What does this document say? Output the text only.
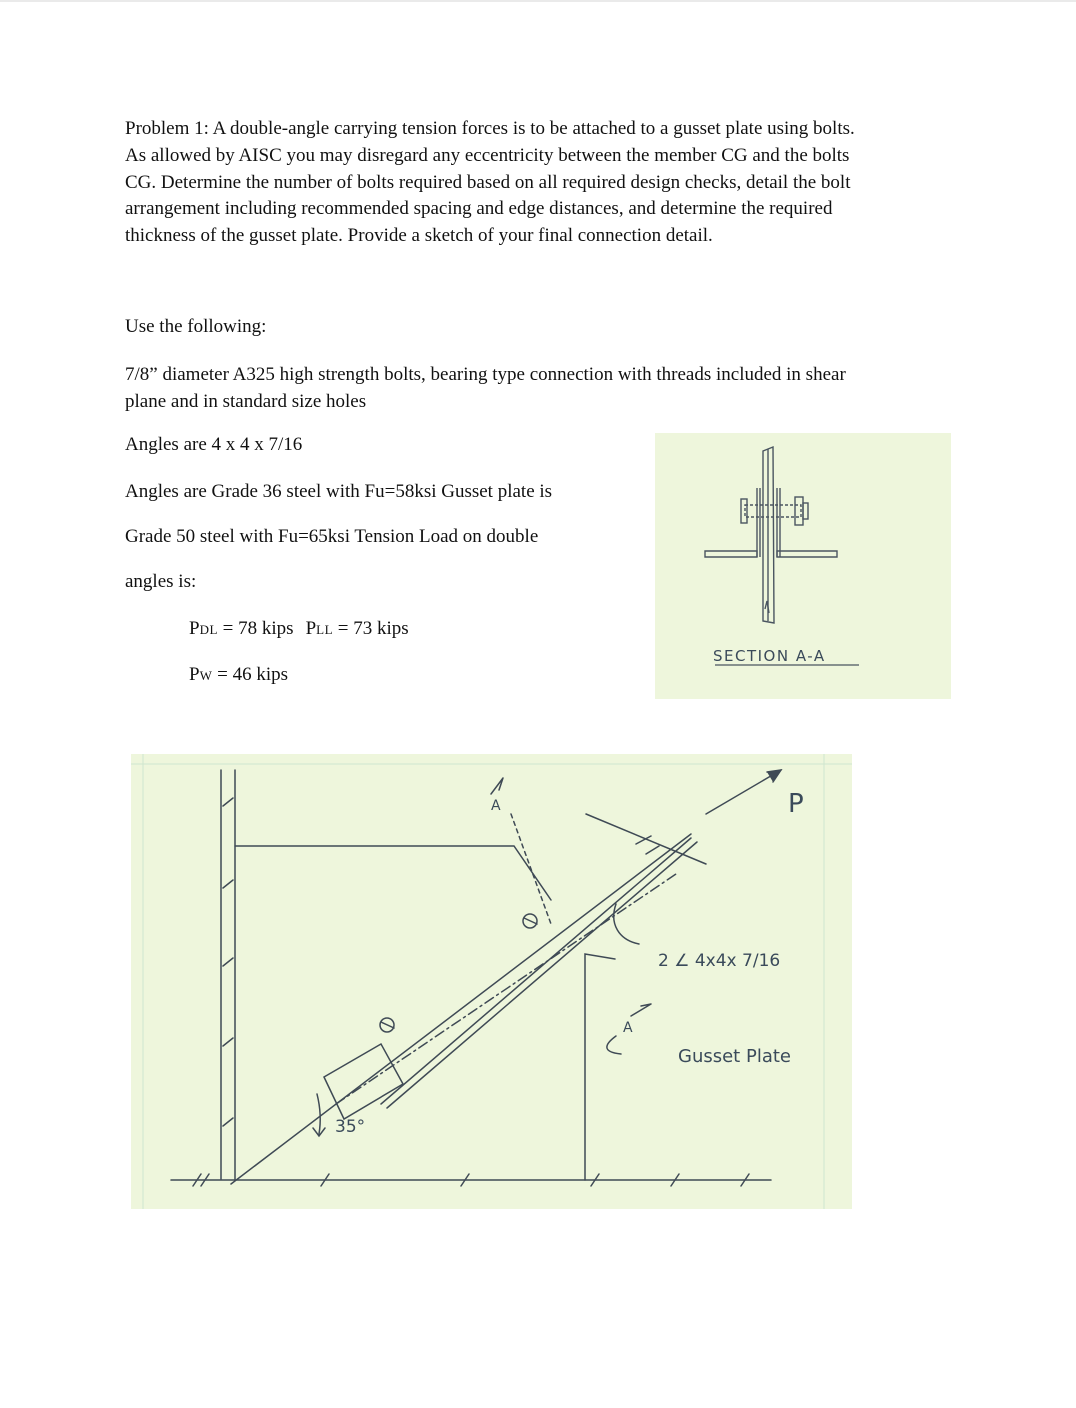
Problem 1: A double-angle carrying tension forces is to be attached to a gusset plate using bolts.
As allowed by AISC you may disregard any eccentricity between the member CG and the bolts
CG. Determine the number of bolts required based on all required design checks, detail the bolt
arrangement including recommended spacing and edge distances, and determine the required
thickness of the gusset plate. Provide a sketch of your final connection detail.
Use the following:
7/8” diameter A325 high strength bolts, bearing type connection with threads included in shear
plane and in standard size holes
Angles are 4 x 4 x 7/16
Angles are Grade 36 steel with Fu=58ksi Gusset plate is
Grade 50 steel with Fu=65ksi Tension Load on double
angles is:
PDL = 78 kips PLL = 73 kips
PW = 46 kips
SECTION A-A
P
35°
2 ∠ 4x4x 7/16
Gusset Plate
A
A
